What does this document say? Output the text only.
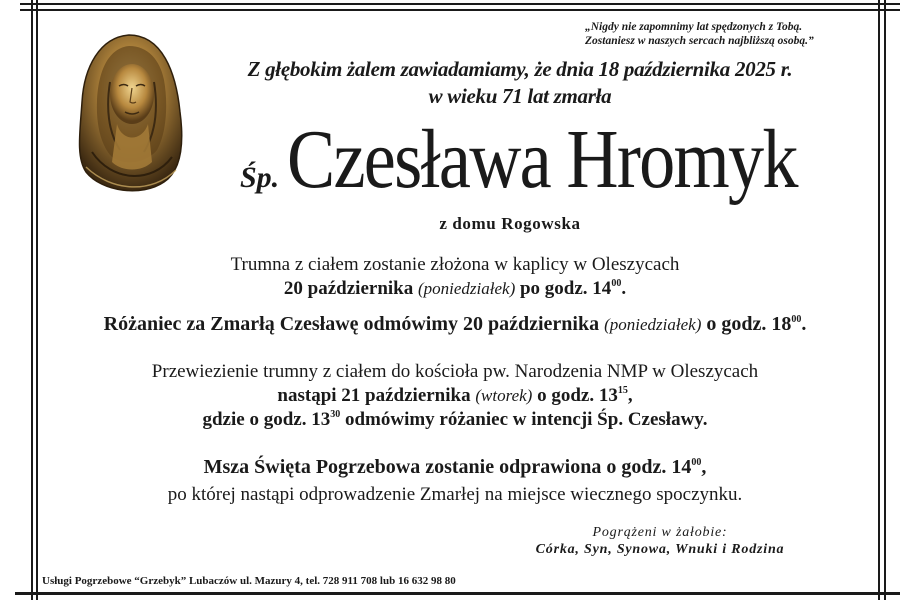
„Nigdy nie zapomnimy lat spędzonych z Tobą.
Zostaniesz w naszych sercach najbliższą osobą.”
Z głębokim żalem zawiadamiamy, że dnia 18 października 2025 r.
w wieku 71 lat zmarła
Śp. Czesława Hromyk
z domu Rogowska
Trumna z ciałem zostanie złożona w kaplicy w Oleszycach
20 października (poniedziałek) po godz. $14^{00}$.
Różaniec za Zmarłą Czesławę odmówimy 20 października (poniedziałek) o godz. $18^{00}$.
Przewiezienie trumny z ciałem do kościoła pw. Narodzenia NMP w Oleszycach
nastąpi 21 października (wtorek) o godz. $13^{15}$,
gdzie o godz. $13^{30}$ odmówimy różaniec w intencji Śp. Czesławy.
Msza Święta Pogrzebowa zostanie odprawiona o godz. $14^{00}$,
po której nastąpi odprowadzenie Zmarłej na miejsce wiecznego spoczynku.
Pogrążeni w żałobie:
Córka, Syn, Synowa, Wnuki i Rodzina
Usługi Pogrzebowe “Grzebyk” Lubaczów ul. Mazury 4, tel. 728 911 708 lub 16 632 98 80
